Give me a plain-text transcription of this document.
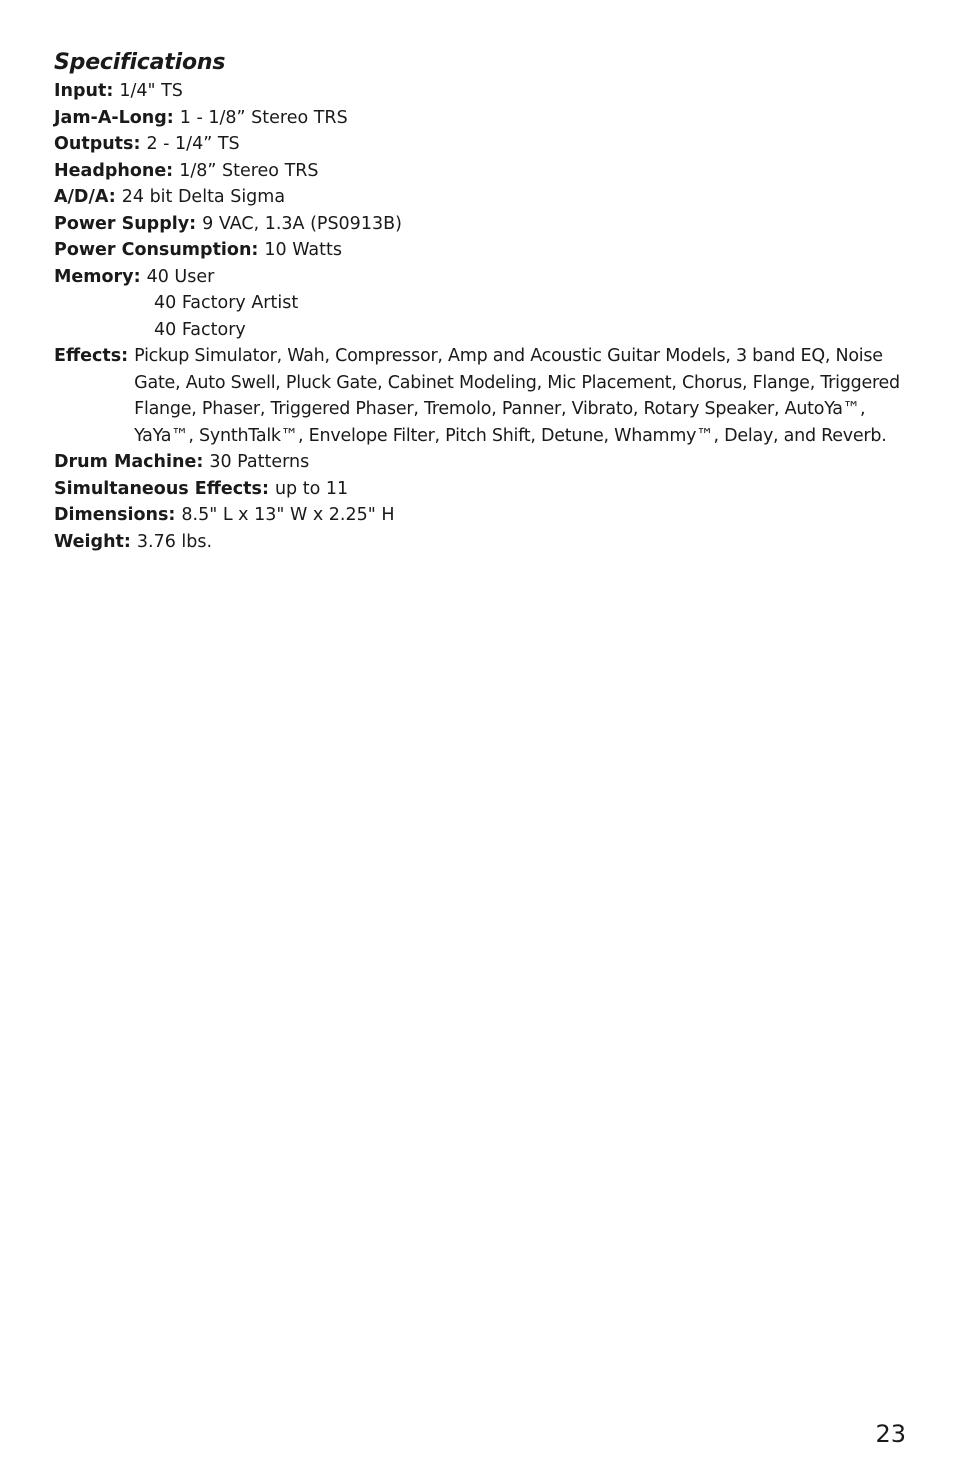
Specifications
Input: 1/4" TS
Jam-A-Long: 1 - 1/8” Stereo TRS
Outputs: 2 - 1/4” TS
Headphone: 1/8” Stereo TRS
A/D/A: 24 bit Delta Sigma
Power Supply: 9 VAC, 1.3A (PS0913B)
Power Consumption: 10 Watts
Memory: 40 User
40 Factory Artist
40 Factory
Effects: Pickup Simulator, Wah, Compressor, Amp and Acoustic Guitar Models, 3 band EQ, Noise Gate, Auto Swell, Pluck Gate, Cabinet Modeling, Mic Placement, Chorus, Flange, Triggered Flange, Phaser, Triggered Phaser, Tremolo, Panner, Vibrato, Rotary Speaker, AutoYa™, YaYa™, SynthTalk™, Envelope Filter, Pitch Shift, Detune, Whammy™, Delay, and Reverb.
Drum Machine: 30 Patterns
Simultaneous Effects: up to 11
Dimensions: 8.5" L x 13" W x 2.25" H
Weight: 3.76 lbs.
23
